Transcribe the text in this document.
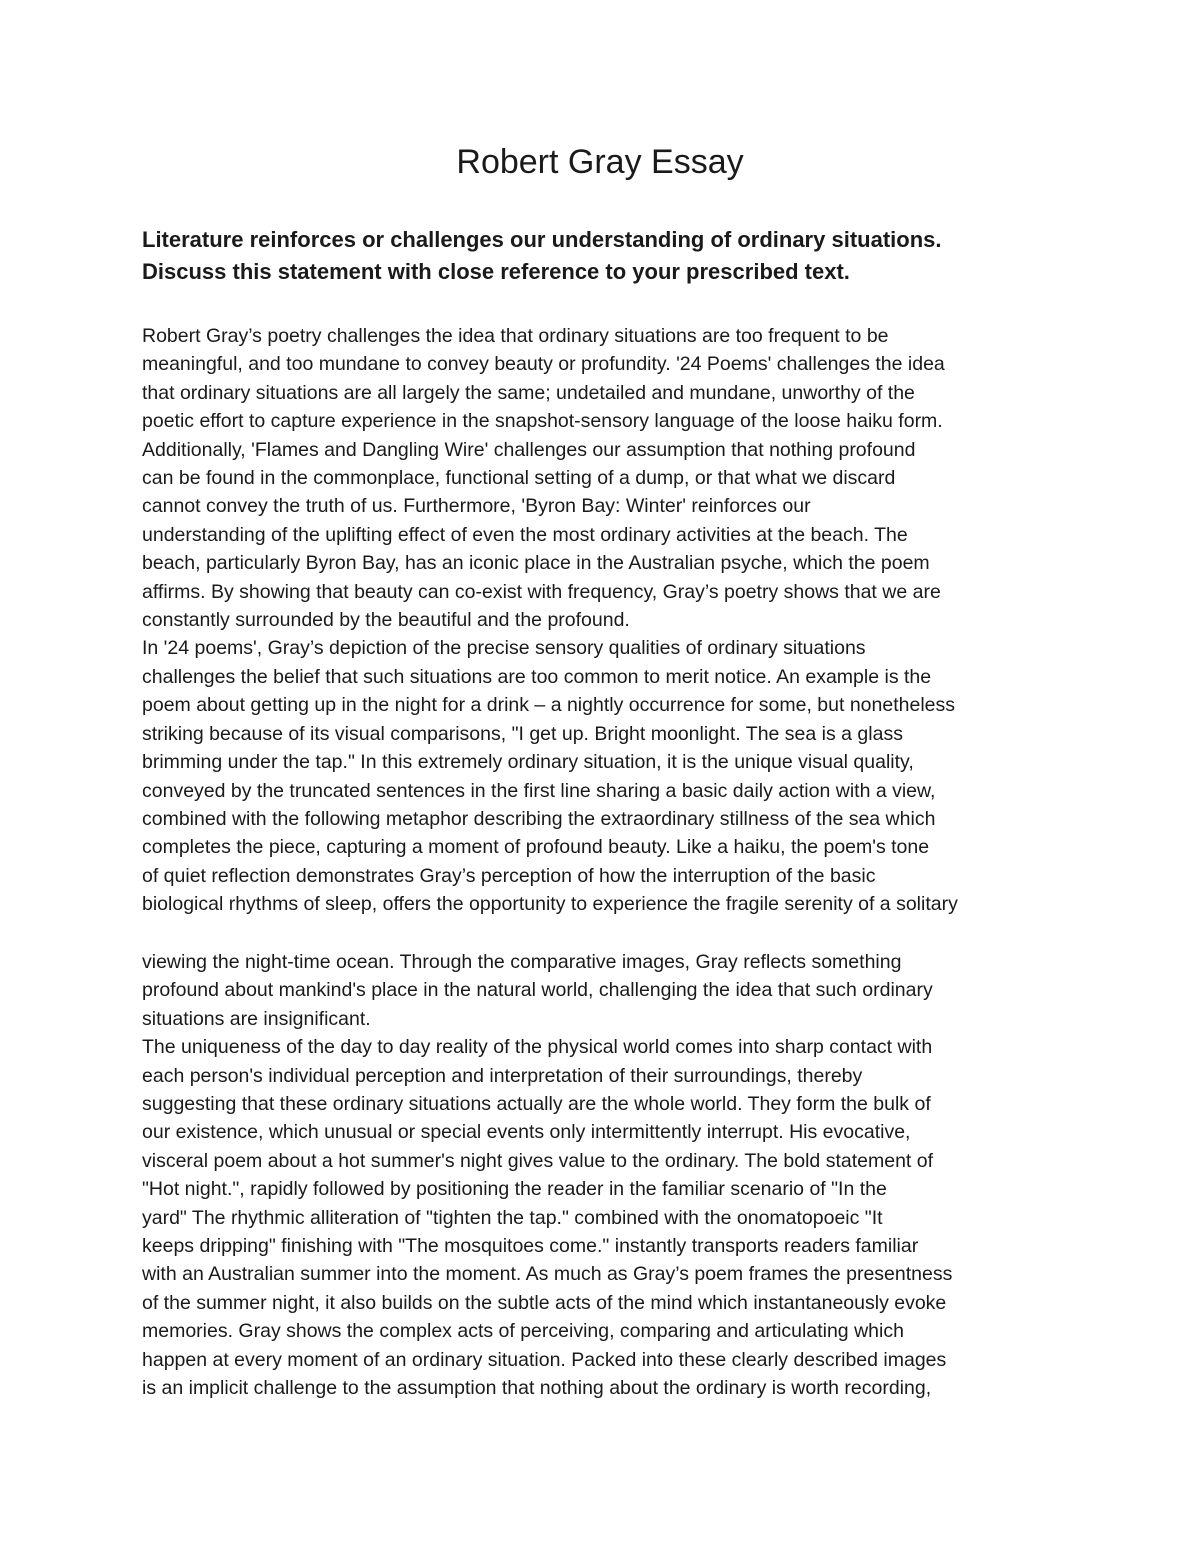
Robert Gray Essay
Literature reinforces or challenges our understanding of ordinary situations.
Discuss this statement with close reference to your prescribed text.
Robert Gray’s poetry challenges the idea that ordinary situations are too frequent to be
meaningful, and too mundane to convey beauty or profundity. '24 Poems' challenges the idea
that ordinary situations are all largely the same; undetailed and mundane, unworthy of the
poetic effort to capture experience in the snapshot-sensory language of the loose haiku form.
Additionally, 'Flames and Dangling Wire' challenges our assumption that nothing profound
can be found in the commonplace, functional setting of a dump, or that what we discard
cannot convey the truth of us. Furthermore, 'Byron Bay: Winter' reinforces our
understanding of the uplifting effect of even the most ordinary activities at the beach. The
beach, particularly Byron Bay, has an iconic place in the Australian psyche, which the poem
affirms. By showing that beauty can co-exist with frequency, Gray’s poetry shows that we are
constantly surrounded by the beautiful and the profound.
In '24 poems', Gray’s depiction of the precise sensory qualities of ordinary situations
challenges the belief that such situations are too common to merit notice. An example is the
poem about getting up in the night for a drink – a nightly occurrence for some, but nonetheless
striking because of its visual comparisons, "I get up. Bright moonlight. The sea is a glass
brimming under the tap." In this extremely ordinary situation, it is the unique visual quality,
conveyed by the truncated sentences in the first line sharing a basic daily action with a view,
combined with the following metaphor describing the extraordinary stillness of the sea which
completes the piece, capturing a moment of profound beauty. Like a haiku, the poem's tone
of quiet reflection demonstrates Gray’s perception of how the interruption of the basic
biological rhythms of sleep, offers the opportunity to experience the fragile serenity of a solitary
viewing the night-time ocean. Through the comparative images, Gray reflects something
profound about mankind's place in the natural world, challenging the idea that such ordinary
situations are insignificant.
The uniqueness of the day to day reality of the physical world comes into sharp contact with
each person's individual perception and interpretation of their surroundings, thereby
suggesting that these ordinary situations actually are the whole world. They form the bulk of
our existence, which unusual or special events only intermittently interrupt. His evocative,
visceral poem about a hot summer's night gives value to the ordinary. The bold statement of
"Hot night.", rapidly followed by positioning the reader in the familiar scenario of "In the
yard" The rhythmic alliteration of "tighten the tap." combined with the onomatopoeic "It
keeps dripping" finishing with "The mosquitoes come." instantly transports readers familiar
with an Australian summer into the moment. As much as Gray’s poem frames the presentness
of the summer night, it also builds on the subtle acts of the mind which instantaneously evoke
memories. Gray shows the complex acts of perceiving, comparing and articulating which
happen at every moment of an ordinary situation. Packed into these clearly described images
is an implicit challenge to the assumption that nothing about the ordinary is worth recording,
